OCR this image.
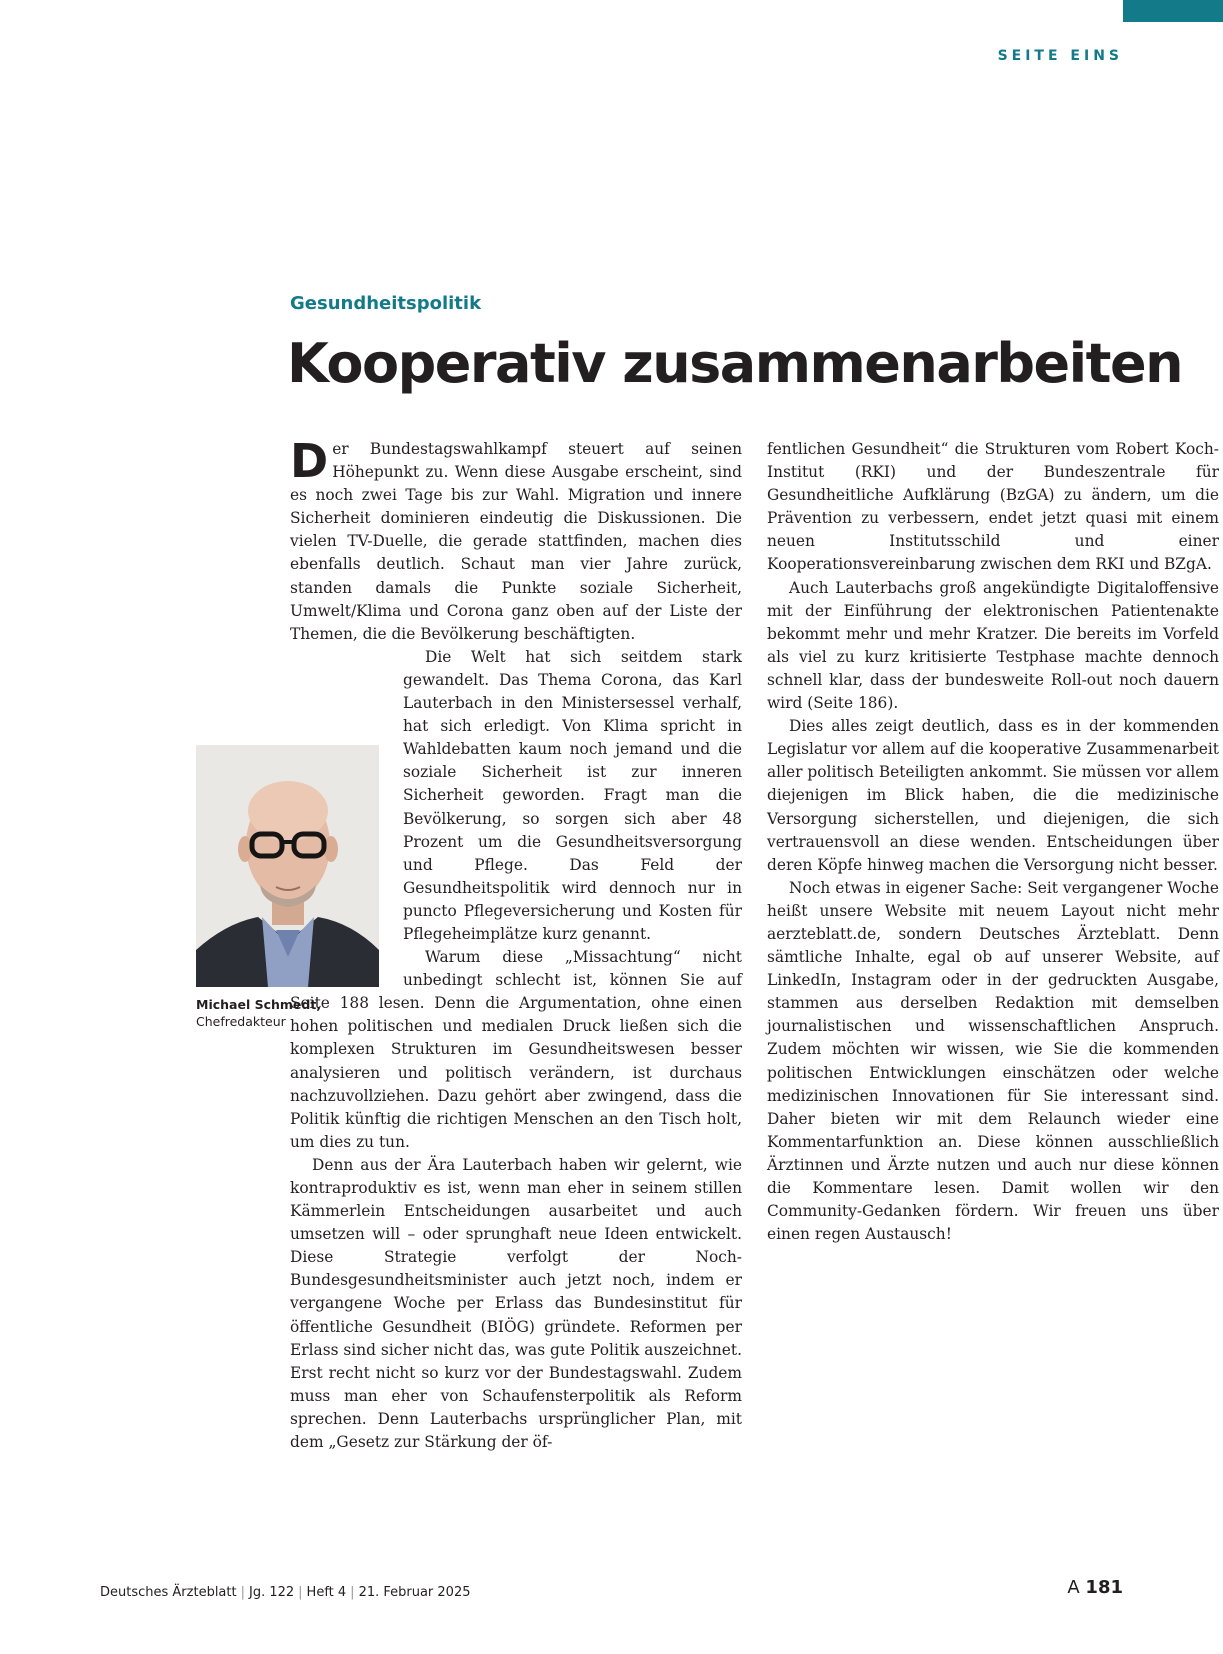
SEITE EINS
Gesundheitspolitik
Kooperativ zusammenarbeiten

Der Bundestagswahlkampf steuert auf seinen Höhepunkt zu. Wenn diese Ausgabe erscheint, sind es noch zwei Tage bis zur Wahl. Migration und innere Sicherheit dominieren eindeutig die Diskussionen. Die vielen TV-Duelle, die gerade stattfinden, machen dies ebenfalls deutlich. Schaut man vier Jahre zurück, standen damals die Punkte soziale Sicherheit, Umwelt/Klima und Corona ganz oben auf der Liste der Themen, die die Bevölkerung beschäftigten.

Die Welt hat sich seitdem stark gewandelt. Das Thema Corona, das Karl Lauterbach in den Ministersessel verhalf, hat sich erledigt. Von Klima spricht in Wahldebatten kaum noch jemand und die soziale Sicherheit ist zur inneren Sicherheit geworden. Fragt man die Bevölkerung, so sorgen sich aber 48 Prozent um die Gesundheitsversorgung und Pflege. Das Feld der Gesundheitspolitik wird dennoch nur in puncto Pflegeversicherung und Kosten für Pflegeheimplätze kurz genannt.

Warum diese „Missachtung“ nicht unbedingt schlecht ist, können Sie auf Seite 188 lesen. Denn die Argumentation, ohne einen hohen politischen und medialen Druck ließen sich die komplexen Strukturen im Gesundheitswesen besser analysieren und politisch verändern, ist durchaus nachzuvollziehen. Dazu gehört aber zwingend, dass die Politik künftig die richtigen Menschen an den Tisch holt, um dies zu tun.

Denn aus der Ära Lauterbach haben wir gelernt, wie kontraproduktiv es ist, wenn man eher in seinem stillen Kämmerlein Entscheidungen ausarbeitet und auch umsetzen will – oder sprunghaft neue Ideen entwickelt. Diese Strategie verfolgt der Noch-Bundesgesundheitsminister auch jetzt noch, indem er vergangene Woche per Erlass das Bundesinstitut für öffentliche Gesundheit (BIÖG) gründete. Reformen per Erlass sind sicher nicht das, was gute Politik auszeichnet. Erst recht nicht so kurz vor der Bundestagswahl. Zudem muss man eher von Schaufensterpolitik als Reform sprechen. Denn Lauterbachs ursprünglicher Plan, mit dem „Gesetz zur Stärkung der öf-

fentlichen Gesundheit“ die Strukturen vom Robert Koch-Institut (RKI) und der Bundeszentrale für Gesundheitliche Aufklärung (BzGA) zu ändern, um die Prävention zu verbessern, endet jetzt quasi mit einem neuen Institutsschild und einer Kooperationsvereinbarung zwischen dem RKI und BZgA.

Auch Lauterbachs groß angekündigte Digitaloffensive mit der Einführung der elektronischen Patientenakte bekommt mehr und mehr Kratzer. Die bereits im Vorfeld als viel zu kurz kritisierte Testphase machte dennoch schnell klar, dass der bundesweite Roll-out noch dauern wird (Seite 186).

Dies alles zeigt deutlich, dass es in der kommenden Legislatur vor allem auf die kooperative Zusammenarbeit aller politisch Beteiligten ankommt. Sie müssen vor allem diejenigen im Blick haben, die die medizinische Versorgung sicherstellen, und diejenigen, die sich vertrauensvoll an diese wenden. Entscheidungen über deren Köpfe hinweg machen die Versorgung nicht besser.

Noch etwas in eigener Sache: Seit vergangener Woche heißt unsere Website mit neuem Layout nicht mehr aerzteblatt.de, sondern Deutsches Ärzteblatt. Denn sämtliche Inhalte, egal ob auf unserer Website, auf LinkedIn, Instagram oder in der gedruckten Ausgabe, stammen aus derselben Redaktion mit demselben journalistischen und wissenschaftlichen Anspruch. Zudem möchten wir wissen, wie Sie die kommenden politischen Entwicklungen einschätzen oder welche medizinischen Innovationen für Sie interessant sind. Daher bieten wir mit dem Relaunch wieder eine Kommentarfunktion an. Diese können ausschließlich Ärztinnen und Ärzte nutzen und auch nur diese können die Kommentare lesen. Damit wollen wir den Community-Gedanken fördern. Wir freuen uns über einen regen Austausch!

Michael Schmedt,
Chefredakteur
Deutsches Ärzteblatt | Jg. 122 | Heft 4 | 21. Februar 2025	A 181
